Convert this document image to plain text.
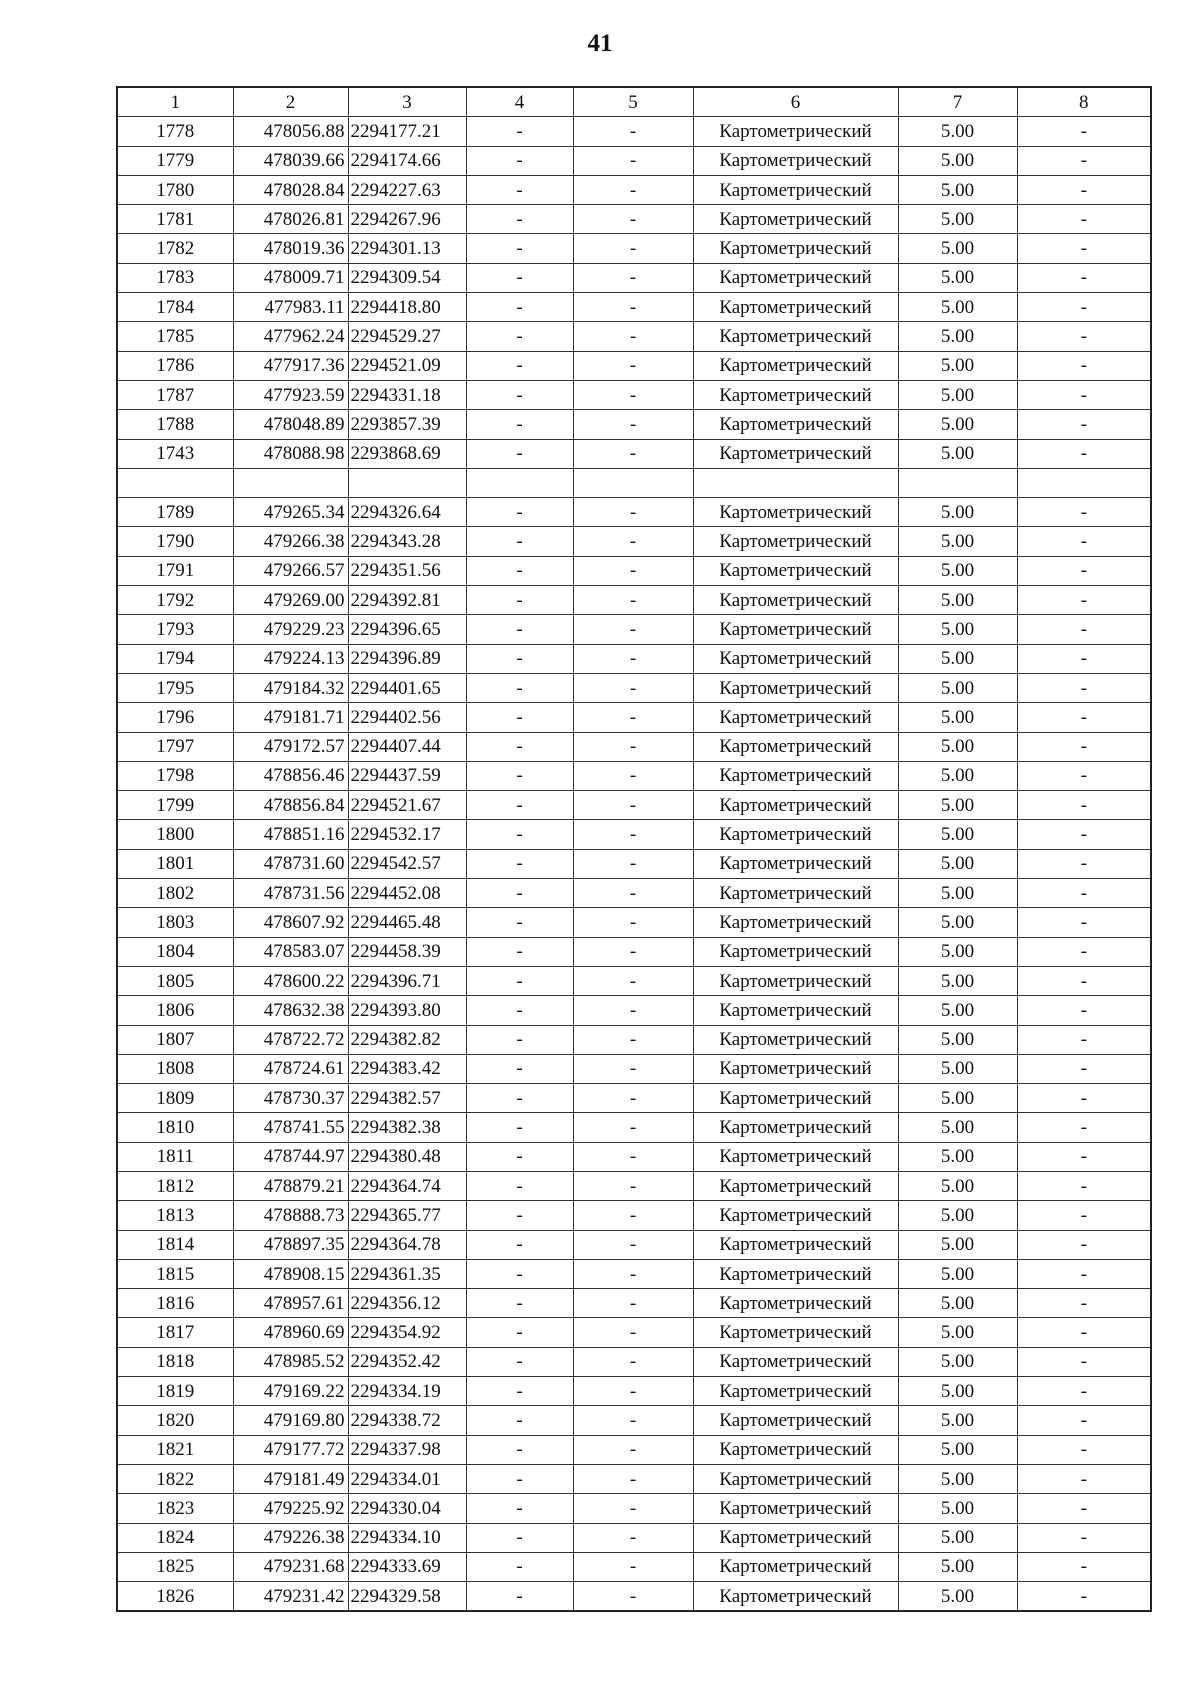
41
1	2	3	4	5	6	7	8
1778	478056.88	2294177.21	-	-	Картометрический	5.00	-
1779	478039.66	2294174.66	-	-	Картометрический	5.00	-
1780	478028.84	2294227.63	-	-	Картометрический	5.00	-
1781	478026.81	2294267.96	-	-	Картометрический	5.00	-
1782	478019.36	2294301.13	-	-	Картометрический	5.00	-
1783	478009.71	2294309.54	-	-	Картометрический	5.00	-
1784	477983.11	2294418.80	-	-	Картометрический	5.00	-
1785	477962.24	2294529.27	-	-	Картометрический	5.00	-
1786	477917.36	2294521.09	-	-	Картометрический	5.00	-
1787	477923.59	2294331.18	-	-	Картометрический	5.00	-
1788	478048.89	2293857.39	-	-	Картометрический	5.00	-
1743	478088.98	2293868.69	-	-	Картометрический	5.00	-

1789	479265.34	2294326.64	-	-	Картометрический	5.00	-
1790	479266.38	2294343.28	-	-	Картометрический	5.00	-
1791	479266.57	2294351.56	-	-	Картометрический	5.00	-
1792	479269.00	2294392.81	-	-	Картометрический	5.00	-
1793	479229.23	2294396.65	-	-	Картометрический	5.00	-
1794	479224.13	2294396.89	-	-	Картометрический	5.00	-
1795	479184.32	2294401.65	-	-	Картометрический	5.00	-
1796	479181.71	2294402.56	-	-	Картометрический	5.00	-
1797	479172.57	2294407.44	-	-	Картометрический	5.00	-
1798	478856.46	2294437.59	-	-	Картометрический	5.00	-
1799	478856.84	2294521.67	-	-	Картометрический	5.00	-
1800	478851.16	2294532.17	-	-	Картометрический	5.00	-
1801	478731.60	2294542.57	-	-	Картометрический	5.00	-
1802	478731.56	2294452.08	-	-	Картометрический	5.00	-
1803	478607.92	2294465.48	-	-	Картометрический	5.00	-
1804	478583.07	2294458.39	-	-	Картометрический	5.00	-
1805	478600.22	2294396.71	-	-	Картометрический	5.00	-
1806	478632.38	2294393.80	-	-	Картометрический	5.00	-
1807	478722.72	2294382.82	-	-	Картометрический	5.00	-
1808	478724.61	2294383.42	-	-	Картометрический	5.00	-
1809	478730.37	2294382.57	-	-	Картометрический	5.00	-
1810	478741.55	2294382.38	-	-	Картометрический	5.00	-
1811	478744.97	2294380.48	-	-	Картометрический	5.00	-
1812	478879.21	2294364.74	-	-	Картометрический	5.00	-
1813	478888.73	2294365.77	-	-	Картометрический	5.00	-
1814	478897.35	2294364.78	-	-	Картометрический	5.00	-
1815	478908.15	2294361.35	-	-	Картометрический	5.00	-
1816	478957.61	2294356.12	-	-	Картометрический	5.00	-
1817	478960.69	2294354.92	-	-	Картометрический	5.00	-
1818	478985.52	2294352.42	-	-	Картометрический	5.00	-
1819	479169.22	2294334.19	-	-	Картометрический	5.00	-
1820	479169.80	2294338.72	-	-	Картометрический	5.00	-
1821	479177.72	2294337.98	-	-	Картометрический	5.00	-
1822	479181.49	2294334.01	-	-	Картометрический	5.00	-
1823	479225.92	2294330.04	-	-	Картометрический	5.00	-
1824	479226.38	2294334.10	-	-	Картометрический	5.00	-
1825	479231.68	2294333.69	-	-	Картометрический	5.00	-
1826	479231.42	2294329.58	-	-	Картометрический	5.00	-
